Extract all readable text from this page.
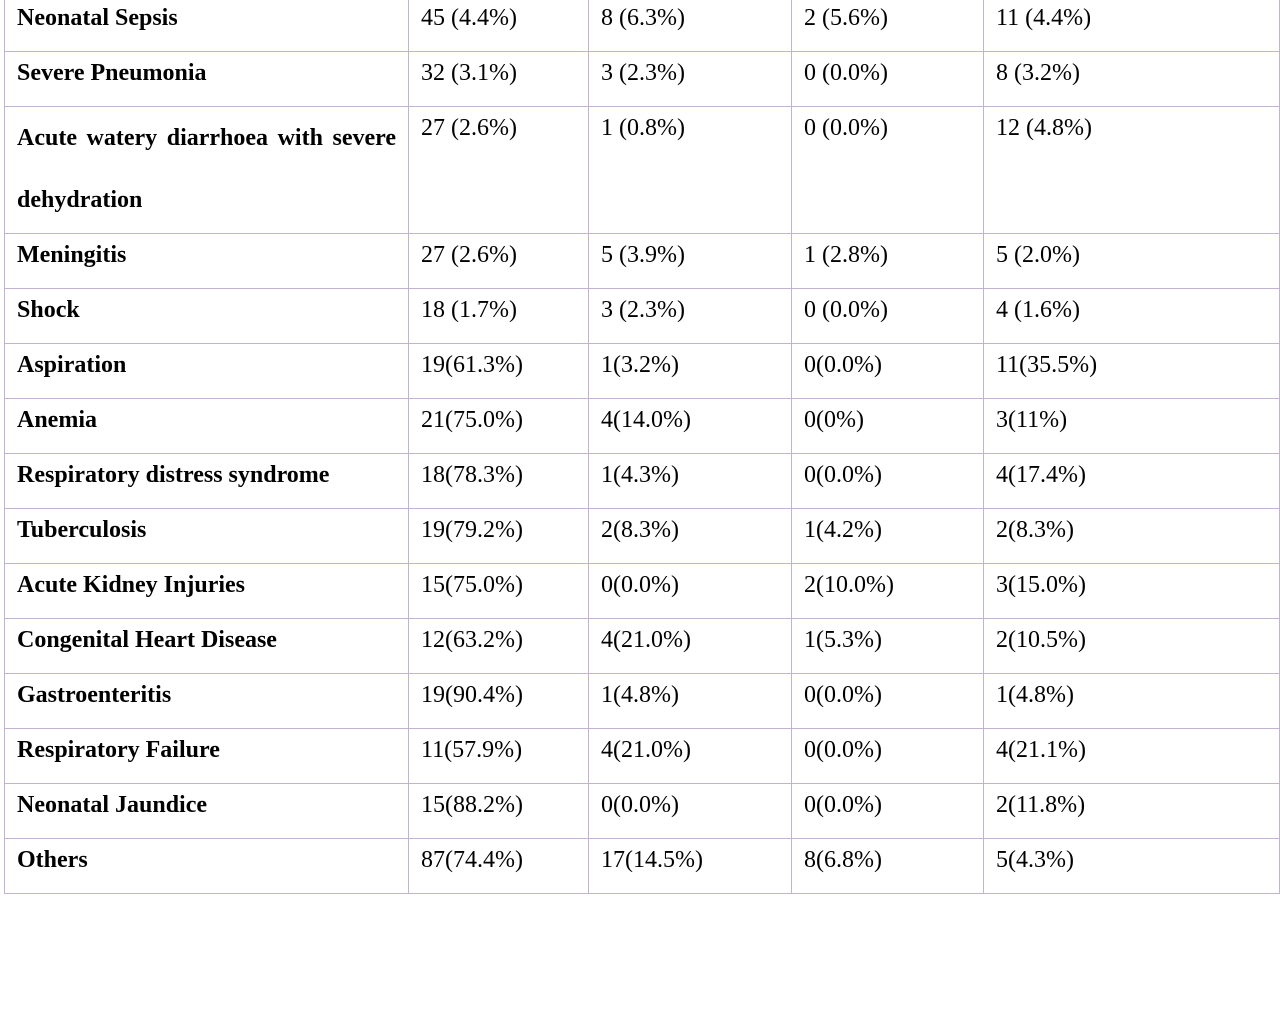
Neonatal Sepsis	45 (4.4%)	8 (6.3%)	2 (5.6%)	11 (4.4%)
Severe Pneumonia	32 (3.1%)	3 (2.3%)	0 (0.0%)	8 (3.2%)
Acute watery diarrhoea with severe dehydration	27 (2.6%)	1 (0.8%)	0 (0.0%)	12 (4.8%)
Meningitis	27 (2.6%)	5 (3.9%)	1 (2.8%)	5 (2.0%)
Shock	18 (1.7%)	3 (2.3%)	0 (0.0%)	4 (1.6%)
Aspiration	19(61.3%)	1(3.2%)	0(0.0%)	11(35.5%)
Anemia	21(75.0%)	4(14.0%)	0(0%)	3(11%)
Respiratory distress syndrome	18(78.3%)	1(4.3%)	0(0.0%)	4(17.4%)
Tuberculosis	19(79.2%)	2(8.3%)	1(4.2%)	2(8.3%)
Acute Kidney Injuries	15(75.0%)	0(0.0%)	2(10.0%)	3(15.0%)
Congenital Heart Disease	12(63.2%)	4(21.0%)	1(5.3%)	2(10.5%)
Gastroenteritis	19(90.4%)	1(4.8%)	0(0.0%)	1(4.8%)
Respiratory Failure	11(57.9%)	4(21.0%)	0(0.0%)	4(21.1%)
Neonatal Jaundice	15(88.2%)	0(0.0%)	0(0.0%)	2(11.8%)
Others	87(74.4%)	17(14.5%)	8(6.8%)	5(4.3%)
